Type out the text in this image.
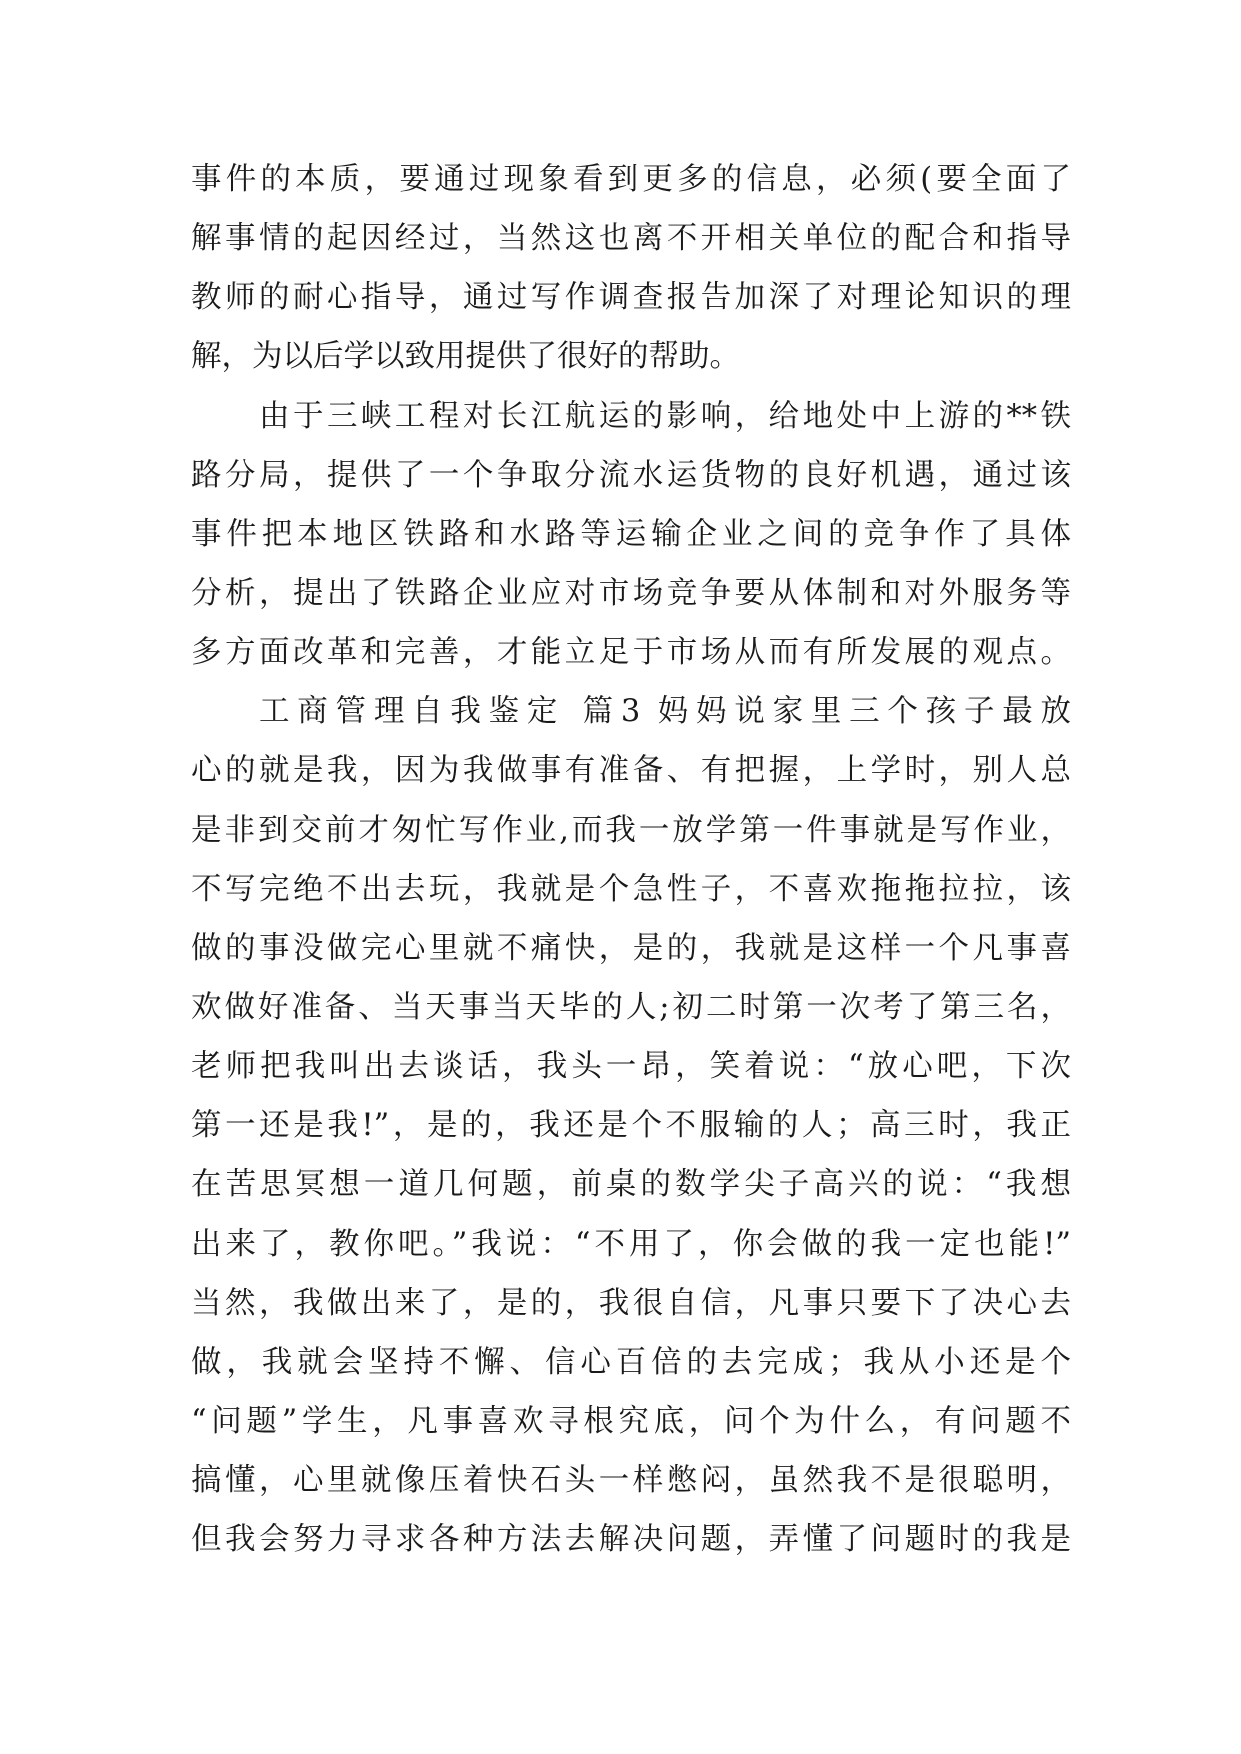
事件的本质，要通过现象看到更多的信息，必须(要全面了
解事情的起因经过，当然这也离不开相关单位的配合和指导
教师的耐心指导，通过写作调查报告加深了对理论知识的理
解，为以后学以致用提供了很好的帮助。
由于三峡工程对长江航运的影响，给地处中上游的**铁
路分局，提供了一个争取分流水运货物的良好机遇，通过该
事件把本地区铁路和水路等运输企业之间的竞争作了具体
分析，提出了铁路企业应对市场竞争要从体制和对外服务等
多方面改革和完善，才能立足于市场从而有所发展的观点。
工商管理自我鉴定 篇3 妈妈说家里三个孩子最放
心的就是我，因为我做事有准备、有把握，上学时，别人总
是非到交前才匆忙写作业,而我一放学第一件事就是写作业，
不写完绝不出去玩，我就是个急性子，不喜欢拖拖拉拉，该
做的事没做完心里就不痛快，是的，我就是这样一个凡事喜
欢做好准备、当天事当天毕的人;初二时第一次考了第三名，
老师把我叫出去谈话，我头一昂，笑着说：“放心吧，下次
第一还是我!”，是的，我还是个不服输的人；高三时，我正
在苦思冥想一道几何题，前桌的数学尖子高兴的说：“我想
出来了，教你吧。”我说：“不用了，你会做的我一定也能!”
当然，我做出来了，是的，我很自信，凡事只要下了决心去
做，我就会坚持不懈、信心百倍的去完成；我从小还是个
“问题”学生，凡事喜欢寻根究底，问个为什么，有问题不
搞懂，心里就像压着快石头一样憋闷，虽然我不是很聪明，
但我会努力寻求各种方法去解决问题，弄懂了问题时的我是
